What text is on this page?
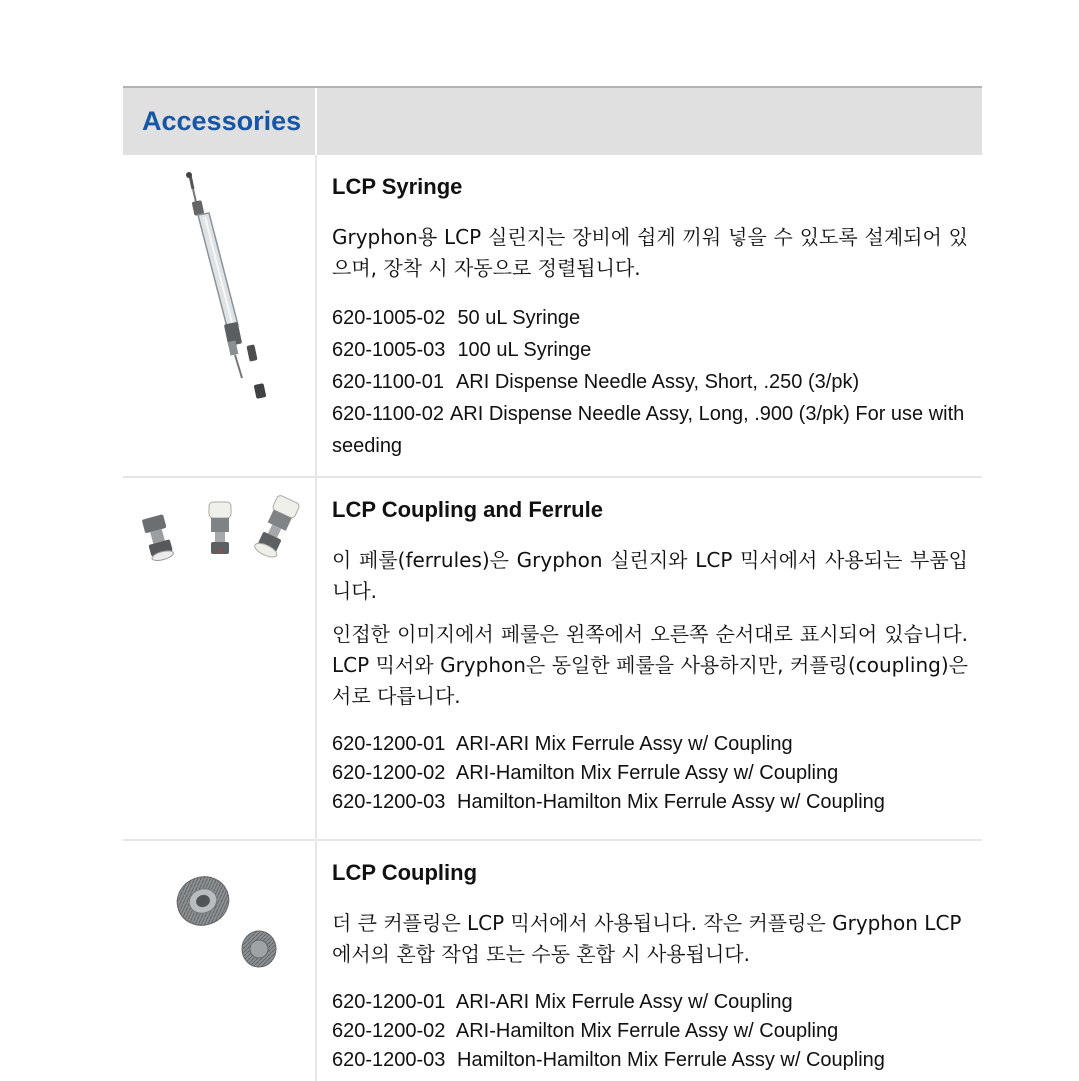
Accessories
LCP Syringe
Gryphon용 LCP 실린지는 장비에 쉽게 끼워 넣을 수 있도록 설계되어 있으며, 장착 시 자동으로 정렬됩니다.
620-1005-02 50 uL Syringe
620-1005-03 100 uL Syringe
620-1100-01 ARI Dispense Needle Assy, Short, .250 (3/pk)
620-1100-02 ARI Dispense Needle Assy, Long, .900 (3/pk) For use with seeding
LCP Coupling and Ferrule
이 페룰(ferrules)은 Gryphon 실린지와 LCP 믹서에서 사용되는 부품입니다.
인접한 이미지에서 페룰은 왼쪽에서 오른쪽 순서대로 표시되어 있습니다. LCP 믹서와 Gryphon은 동일한 페룰을 사용하지만, 커플링(coupling)은 서로 다릅니다.
620-1200-01 ARI-ARI Mix Ferrule Assy w/ Coupling
620-1200-02 ARI-Hamilton Mix Ferrule Assy w/ Coupling
620-1200-03 Hamilton-Hamilton Mix Ferrule Assy w/ Coupling
LCP Coupling
더 큰 커플링은 LCP 믹서에서 사용됩니다. 작은 커플링은 Gryphon LCP에서의 혼합 작업 또는 수동 혼합 시 사용됩니다.
620-1200-01 ARI-ARI Mix Ferrule Assy w/ Coupling
620-1200-02 ARI-Hamilton Mix Ferrule Assy w/ Coupling
620-1200-03 Hamilton-Hamilton Mix Ferrule Assy w/ Coupling
